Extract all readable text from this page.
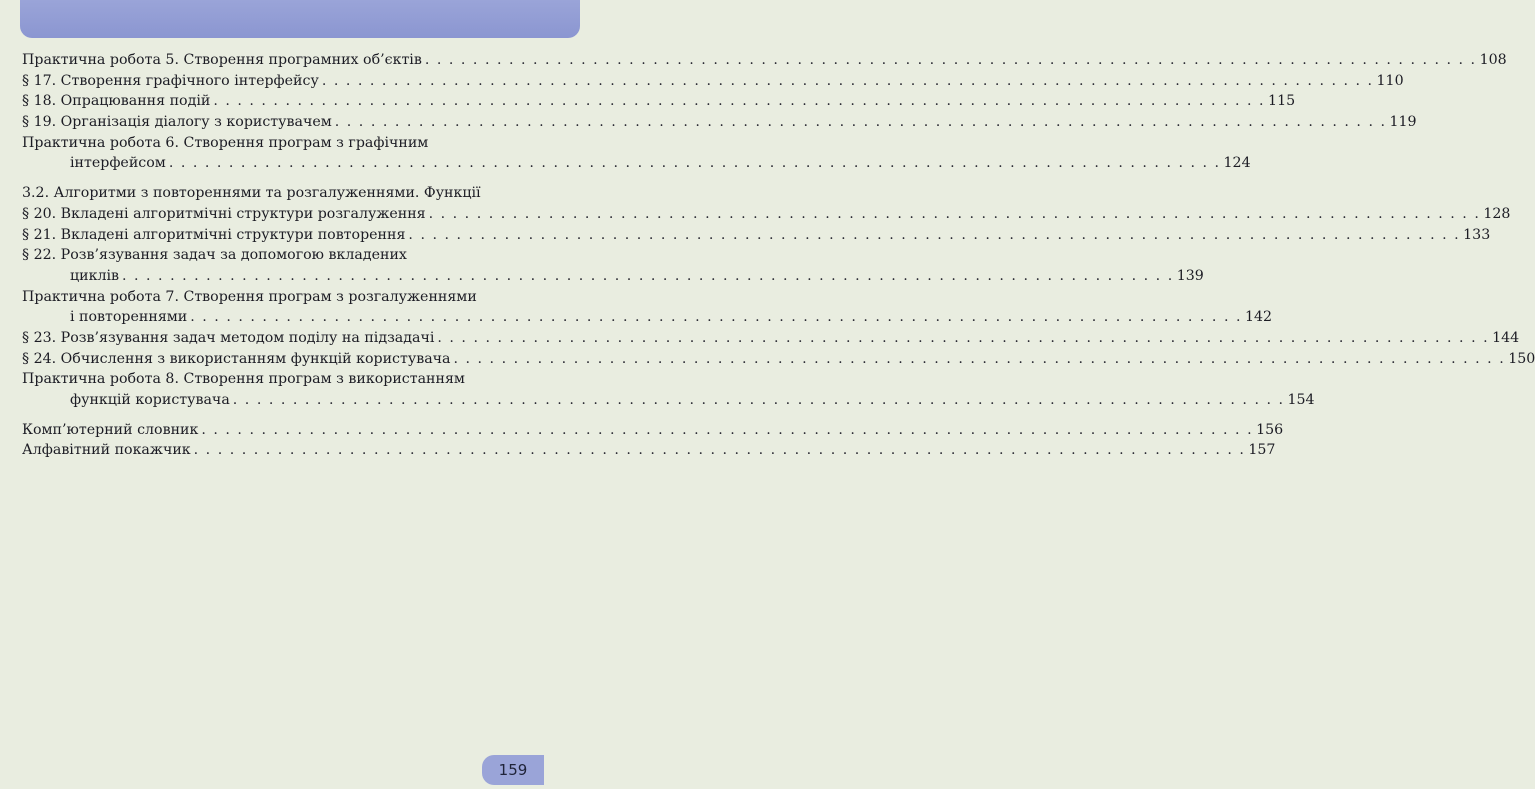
Практична робота 5. Створення програмних об’єктів . . .	108
§ 17. Створення графічного інтерфейсу . . .	110
§ 18. Опрацювання подій . . .	115
§ 19. Організація діалогу з користувачем . . .	119
Практична робота 6. Створення програм з графічним
інтерфейсом . . .	124
3.2. Алгоритми з повтореннями та розгалуженнями. Функції
§ 20. Вкладені алгоритмічні структури розгалуження . . .	128
§ 21. Вкладені алгоритмічні структури повторення . . .	133
§ 22. Розв’язування задач за допомогою вкладених
циклів . . .	139
Практична робота 7. Створення програм з розгалуженнями
і повтореннями . . .	142
§ 23. Розв’язування задач методом поділу на підзадачі . . .	144
§ 24. Обчислення з використанням функцій користувача . . .	150
Практична робота 8. Створення програм з використанням
функцій користувача . . .	154
Комп’ютерний словник . . .	156
Алфавітний покажчик . . .	157
159
